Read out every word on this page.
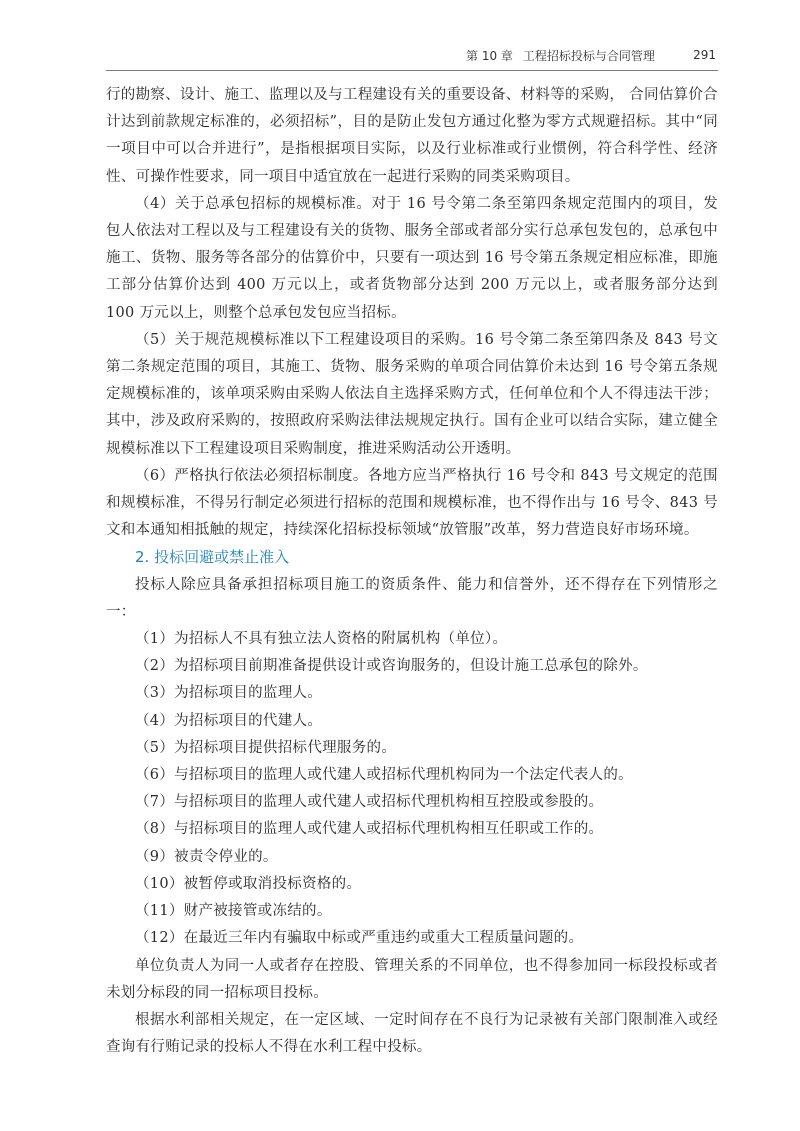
第 10 章 工程招标投标与合同管理	291

行的勘察、设计、施工、监理以及与工程建设有关的重要设备、材料等的采购， 合同估算价合计达到前款规定标准的，必须招标”，目的是防止发包方通过化整为零方式规避招标。其中“同一项目中可以合并进行”，是指根据项目实际，以及行业标准或行业惯例，符合科学性、经济性、可操作性要求，同一项目中适宜放在一起进行采购的同类采购项目。

（4）关于总承包招标的规模标准。对于 16 号令第二条至第四条规定范围内的项目，发包人依法对工程以及与工程建设有关的货物、服务全部或者部分实行总承包发包的，总承包中施工、货物、服务等各部分的估算价中，只要有一项达到 16 号令第五条规定相应标准，即施工部分估算价达到 400 万元以上，或者货物部分达到 200 万元以上，或者服务部分达到 100 万元以上，则整个总承包发包应当招标。

（5）关于规范规模标准以下工程建设项目的采购。16 号令第二条至第四条及 843 号文第二条规定范围的项目，其施工、货物、服务采购的单项合同估算价未达到 16 号令第五条规定规模标准的，该单项采购由采购人依法自主选择采购方式，任何单位和个人不得违法干涉；其中，涉及政府采购的，按照政府采购法律法规规定执行。国有企业可以结合实际，建立健全规模标准以下工程建设项目采购制度，推进采购活动公开透明。

（6）严格执行依法必须招标制度。各地方应当严格执行 16 号令和 843 号文规定的范围和规模标准，不得另行制定必须进行招标的范围和规模标准，也不得作出与 16 号令、843 号文和本通知相抵触的规定，持续深化招标投标领域“放管服”改革，努力营造良好市场环境。

2. 投标回避或禁止准入

投标人除应具备承担招标项目施工的资质条件、能力和信誉外，还不得存在下列情形之一：

（1）为招标人不具有独立法人资格的附属机构（单位）。

（2）为招标项目前期准备提供设计或咨询服务的，但设计施工总承包的除外。

（3）为招标项目的监理人。

（4）为招标项目的代建人。

（5）为招标项目提供招标代理服务的。

（6）与招标项目的监理人或代建人或招标代理机构同为一个法定代表人的。

（7）与招标项目的监理人或代建人或招标代理机构相互控股或参股的。

（8）与招标项目的监理人或代建人或招标代理机构相互任职或工作的。

（9）被责令停业的。

（10）被暂停或取消投标资格的。

（11）财产被接管或冻结的。

（12）在最近三年内有骗取中标或严重违约或重大工程质量问题的。

单位负责人为同一人或者存在控股、管理关系的不同单位，也不得参加同一标段投标或者未划分标段的同一招标项目投标。

根据水利部相关规定，在一定区域、一定时间存在不良行为记录被有关部门限制准入或经查询有行贿记录的投标人不得在水利工程中投标。
